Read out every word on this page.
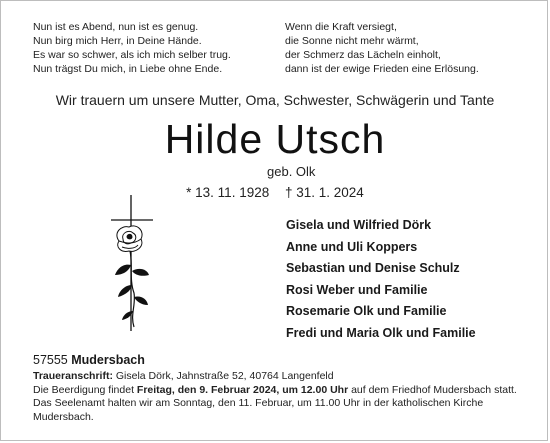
Nun ist es Abend, nun ist es genug.
Nun birg mich Herr, in Deine Hände.
Es war so schwer, als ich mich selber trug.
Nun trägst Du mich, in Liebe ohne Ende.
Wenn die Kraft versiegt,
die Sonne nicht mehr wärmt,
der Schmerz das Lächeln einholt,
dann ist der ewige Frieden eine Erlösung.
Wir trauern um unsere Mutter, Oma, Schwester, Schwägerin und Tante
Hilde Utsch
geb. Olk
* 13. 11. 1928 † 31. 1. 2024
Gisela und Wilfried Dörk
Anne und Uli Koppers
Sebastian und Denise Schulz
Rosi Weber und Familie
Rosemarie Olk und Familie
Fredi und Maria Olk und Familie
57555 Mudersbach
Traueranschrift: Gisela Dörk, Jahnstraße 52, 40764 Langenfeld
Die Beerdigung findet Freitag, den 9. Februar 2024, um 12.00 Uhr auf dem Friedhof Mudersbach statt.
Das Seelenamt halten wir am Sonntag, den 11. Februar, um 11.00 Uhr in der katholischen Kirche
Mudersbach.
